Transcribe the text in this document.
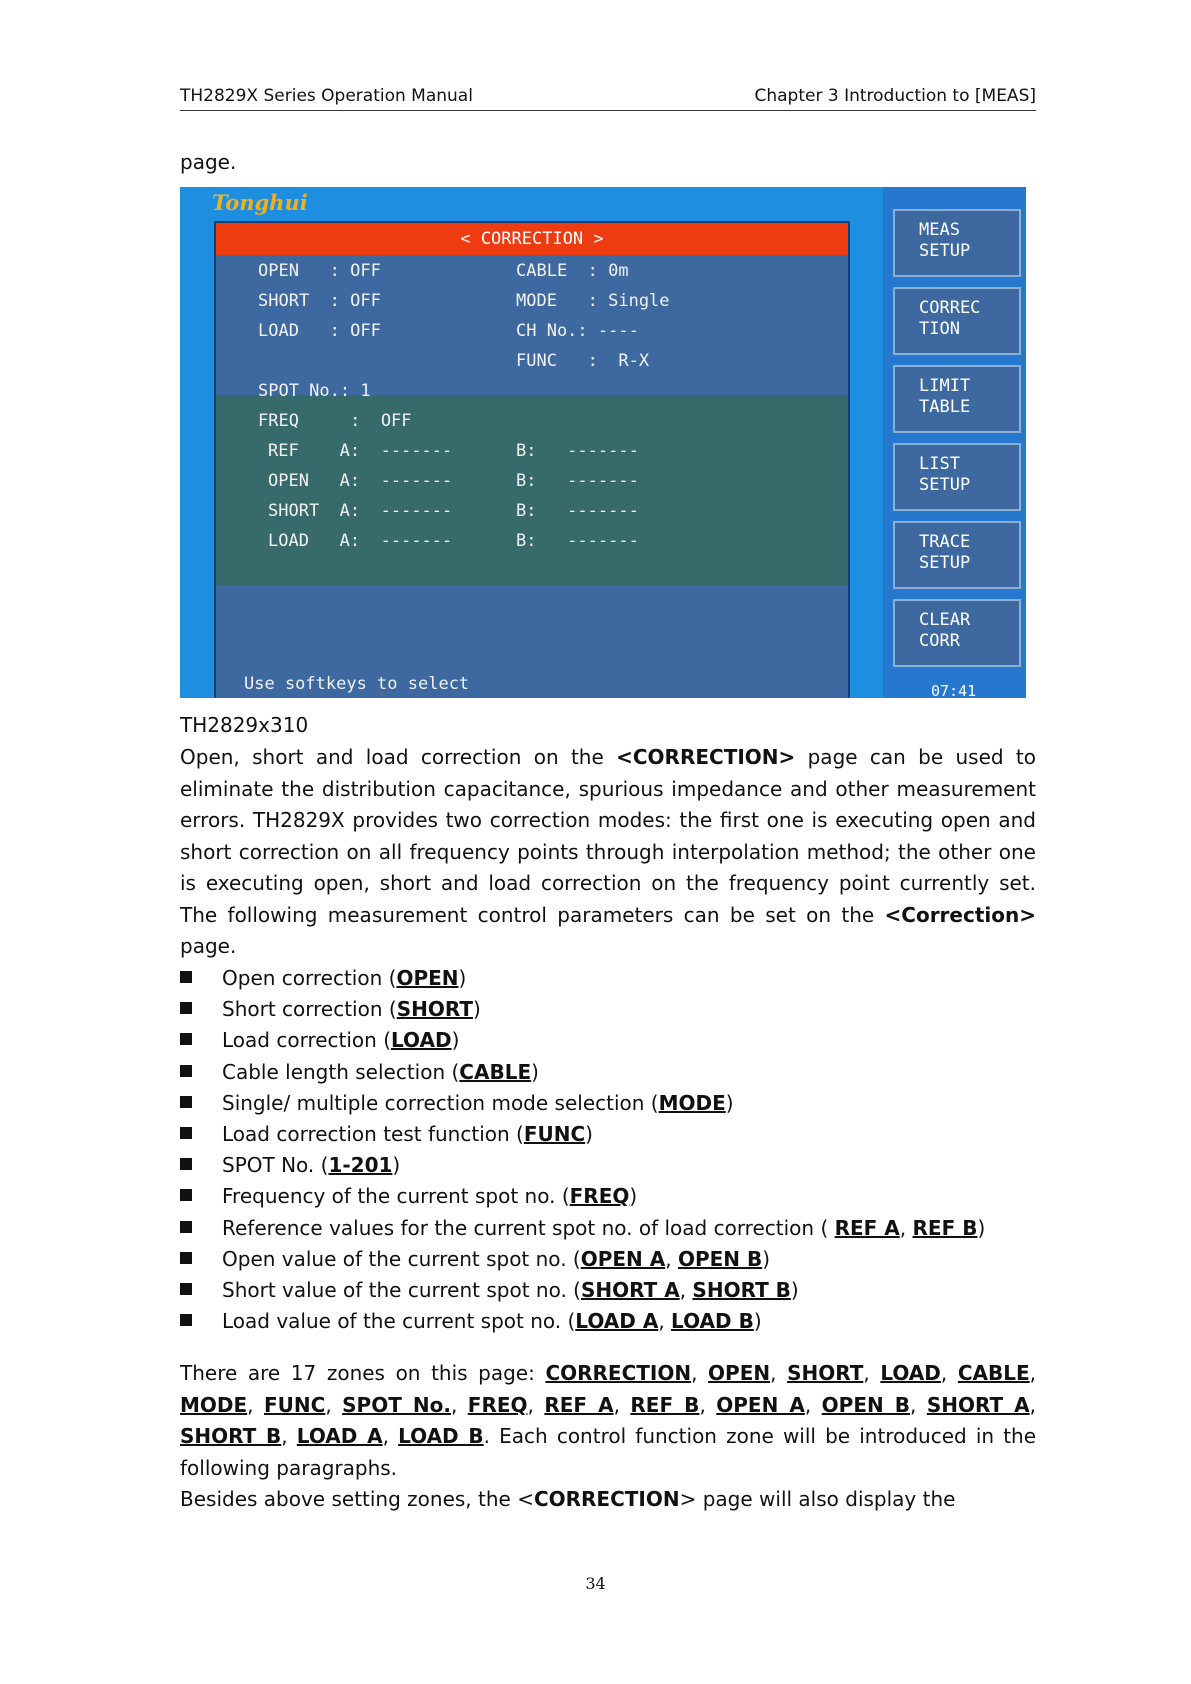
TH2829X Series Operation Manual	Chapter 3 Introduction to [MEAS]
page.
Tonghui
< CORRECTION >
OPEN   : OFF
SHORT  : OFF
LOAD   : OFF
CABLE  : 0m
MODE   : Single
CH No.: ----
FUNC   :  R-X
SPOT No.: 1
FREQ     :  OFF
REF    A:  -------
OPEN   A:  -------
SHORT  A:  -------
LOAD   A:  -------
B:   -------
B:   -------
B:   -------
B:   -------
Use softkeys to select
MEAS
SETUP
CORREC
TION
LIMIT
TABLE
LIST
SETUP
TRACE
SETUP
CLEAR
CORR
07:41
TH2829x310
Open, short and load correction on the <CORRECTION> page can be used to eliminate the distribution capacitance, spurious impedance and other measurement errors. TH2829X provides two correction modes: the first one is executing open and short correction on all frequency points through interpolation method; the other one is executing open, short and load correction on the frequency point currently set. The following measurement control parameters can be set on the <Correction> page.
Open correction (OPEN)
Short correction (SHORT)
Load correction (LOAD)
Cable length selection (CABLE)
Single/ multiple correction mode selection (MODE)
Load correction test function (FUNC)
SPOT No. (1-201)
Frequency of the current spot no. (FREQ)
Reference values for the current spot no. of load correction ( REF A, REF B)
Open value of the current spot no. (OPEN A, OPEN B)
Short value of the current spot no. (SHORT A, SHORT B)
Load value of the current spot no. (LOAD A, LOAD B)
There are 17 zones on this page: CORRECTION, OPEN, SHORT, LOAD, CABLE, MODE, FUNC, SPOT No., FREQ, REF A, REF B, OPEN A, OPEN B, SHORT A, SHORT B, LOAD A, LOAD B. Each control function zone will be introduced in the following paragraphs.
Besides above setting zones, the <CORRECTION> page will also display the
34
